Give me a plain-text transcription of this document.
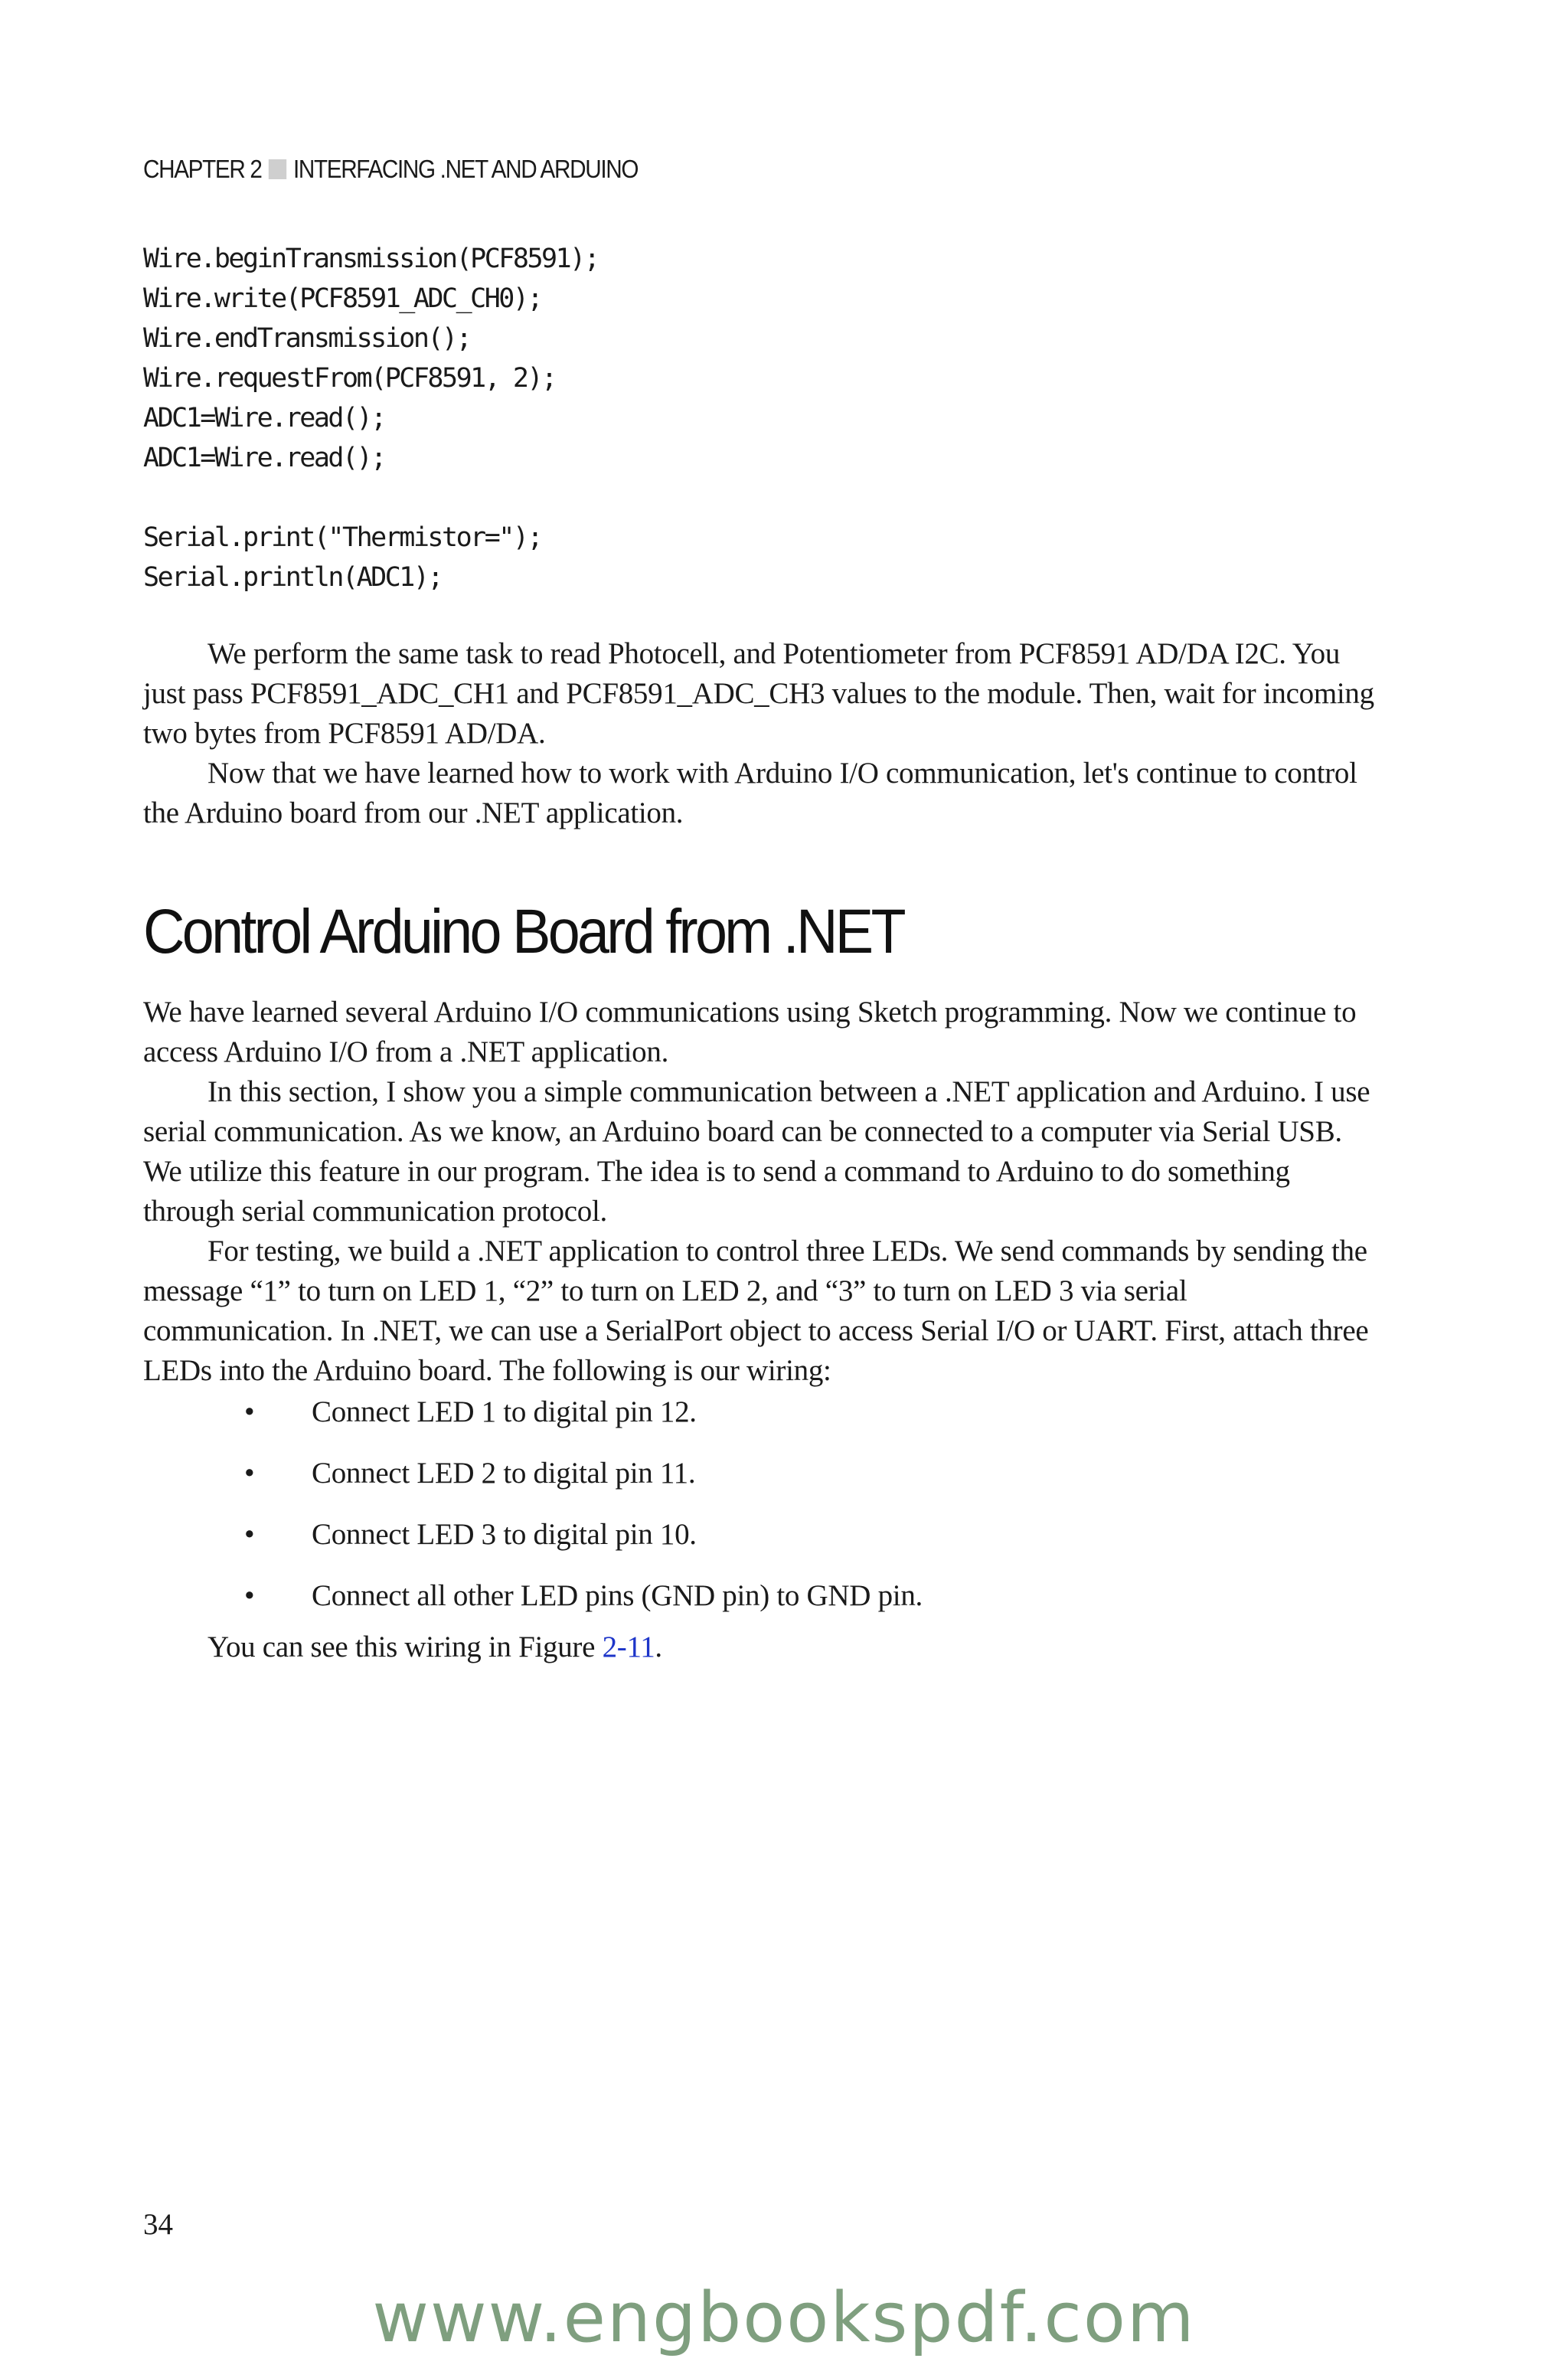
CHAPTER 2 INTERFACING .NET AND ARDUINO
Wire.beginTransmission(PCF8591);
Wire.write(PCF8591_ADC_CH0);
Wire.endTransmission();
Wire.requestFrom(PCF8591, 2);
ADC1=Wire.read();
ADC1=Wire.read();
Serial.print("Thermistor=");
Serial.println(ADC1);

We perform the same task to read Photocell, and Potentiometer from PCF8591 AD/DA I2C. You just pass PCF8591_ADC_CH1 and PCF8591_ADC_CH3 values to the module. Then, wait for incoming two bytes from PCF8591 AD/DA.

Now that we have learned how to work with Arduino I/O communication, let's continue to control the Arduino board from our .NET application.

Control Arduino Board from .NET

We have learned several Arduino I/O communications using Sketch programming. Now we continue to access Arduino I/O from a .NET application.

In this section, I show you a simple communication between a .NET application and Arduino. I use serial communication. As we know, an Arduino board can be connected to a computer via Serial USB. We utilize this feature in our program. The idea is to send a command to Arduino to do something through serial communication protocol.

For testing, we build a .NET application to control three LEDs. We send commands by sending the message “1” to turn on LED 1, “2” to turn on LED 2, and “3” to turn on LED 3 via serial communication. In .NET, we can use a SerialPort object to access Serial I/O or UART. First, attach three LEDs into the Arduino board. The following is our wiring:

• Connect LED 1 to digital pin 12.
• Connect LED 2 to digital pin 11.
• Connect LED 3 to digital pin 10.
• Connect all other LED pins (GND pin) to GND pin.

You can see this wiring in Figure 2-11.

34
www.engbookspdf.com
